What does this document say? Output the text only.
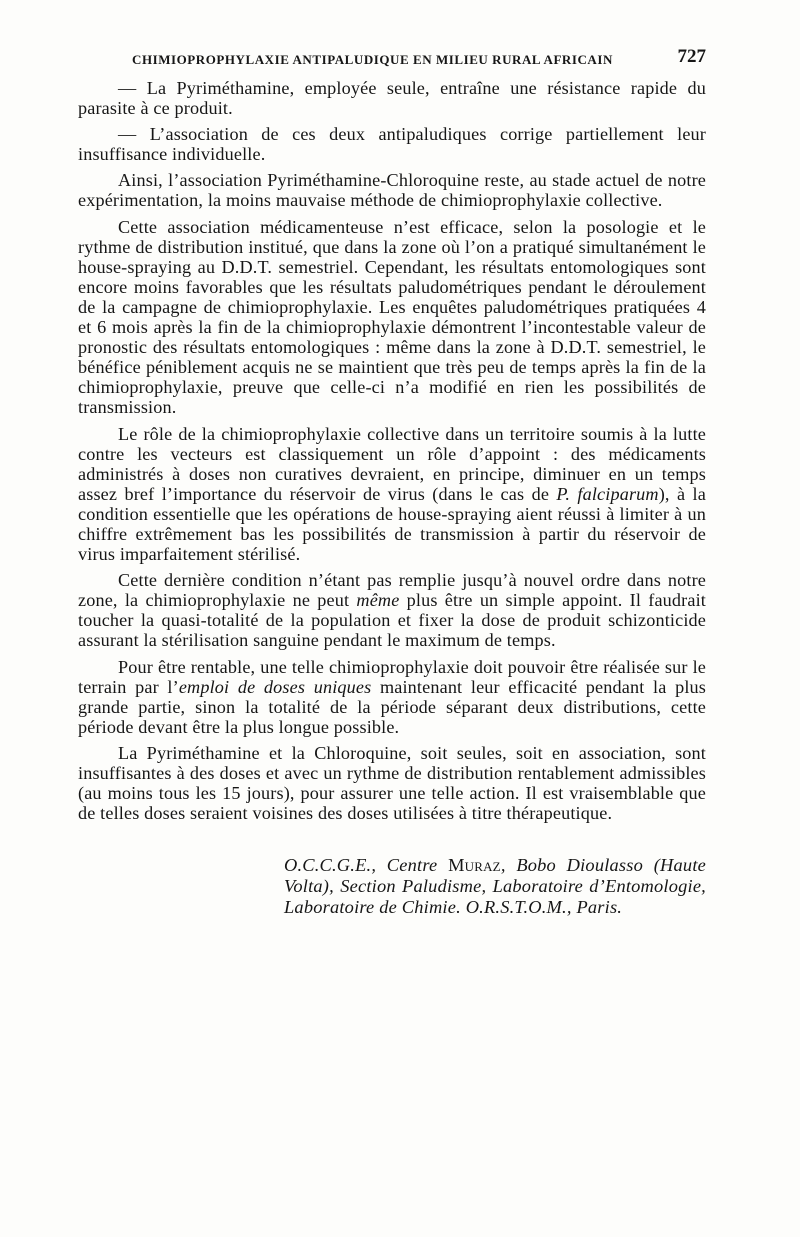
CHIMIOPROPHYLAXIE ANTIPALUDIQUE EN MILIEU RURAL AFRICAIN	727

— La Pyriméthamine, employée seule, entraîne une résistance rapide du parasite à ce produit.

— L’association de ces deux antipaludiques corrige partiellement leur insuffisance individuelle.

Ainsi, l’association Pyriméthamine-Chloroquine reste, au stade actuel de notre expérimentation, la moins mauvaise méthode de chimioprophylaxie collective.

Cette association médicamenteuse n’est efficace, selon la posologie et le rythme de distribution institué, que dans la zone où l’on a pratiqué simultanément le house-spraying au D.D.T. semestriel. Cependant, les résultats entomologiques sont encore moins favorables que les résultats paludométriques pendant le déroulement de la campagne de chimioprophylaxie. Les enquêtes paludométriques pratiquées 4 et 6 mois après la fin de la chimioprophylaxie démontrent l’incontestable valeur de pronostic des résultats entomologiques : même dans la zone à D.D.T. semestriel, le bénéfice péniblement acquis ne se maintient que très peu de temps après la fin de la chimioprophylaxie, preuve que celle-ci n’a modifié en rien les possibilités de transmission.

Le rôle de la chimioprophylaxie collective dans un territoire soumis à la lutte contre les vecteurs est classiquement un rôle d’appoint : des médicaments administrés à doses non curatives devraient, en principe, diminuer en un temps assez bref l’importance du réservoir de virus (dans le cas de P. falciparum), à la condition essentielle que les opérations de house-spraying aient réussi à limiter à un chiffre extrêmement bas les possibilités de transmission à partir du réservoir de virus imparfaitement stérilisé.

Cette dernière condition n’étant pas remplie jusqu’à nouvel ordre dans notre zone, la chimioprophylaxie ne peut même plus être un simple appoint. Il faudrait toucher la quasi-totalité de la population et fixer la dose de produit schizonticide assurant la stérilisation sanguine pendant le maximum de temps.

Pour être rentable, une telle chimioprophylaxie doit pouvoir être réalisée sur le terrain par l’emploi de doses uniques maintenant leur efficacité pendant la plus grande partie, sinon la totalité de la période séparant deux distributions, cette période devant être la plus longue possible.

La Pyriméthamine et la Chloroquine, soit seules, soit en association, sont insuffisantes à des doses et avec un rythme de distribution rentablement admissibles (au moins tous les 15 jours), pour assurer une telle action. Il est vraisemblable que de telles doses seraient voisines des doses utilisées à titre thérapeutique.

O.C.C.G.E., Centre Muraz, Bobo Dioulasso (Haute Volta), Section Paludisme, Laboratoire d’Entomologie, Laboratoire de Chimie. O.R.S.T.O.M., Paris.
